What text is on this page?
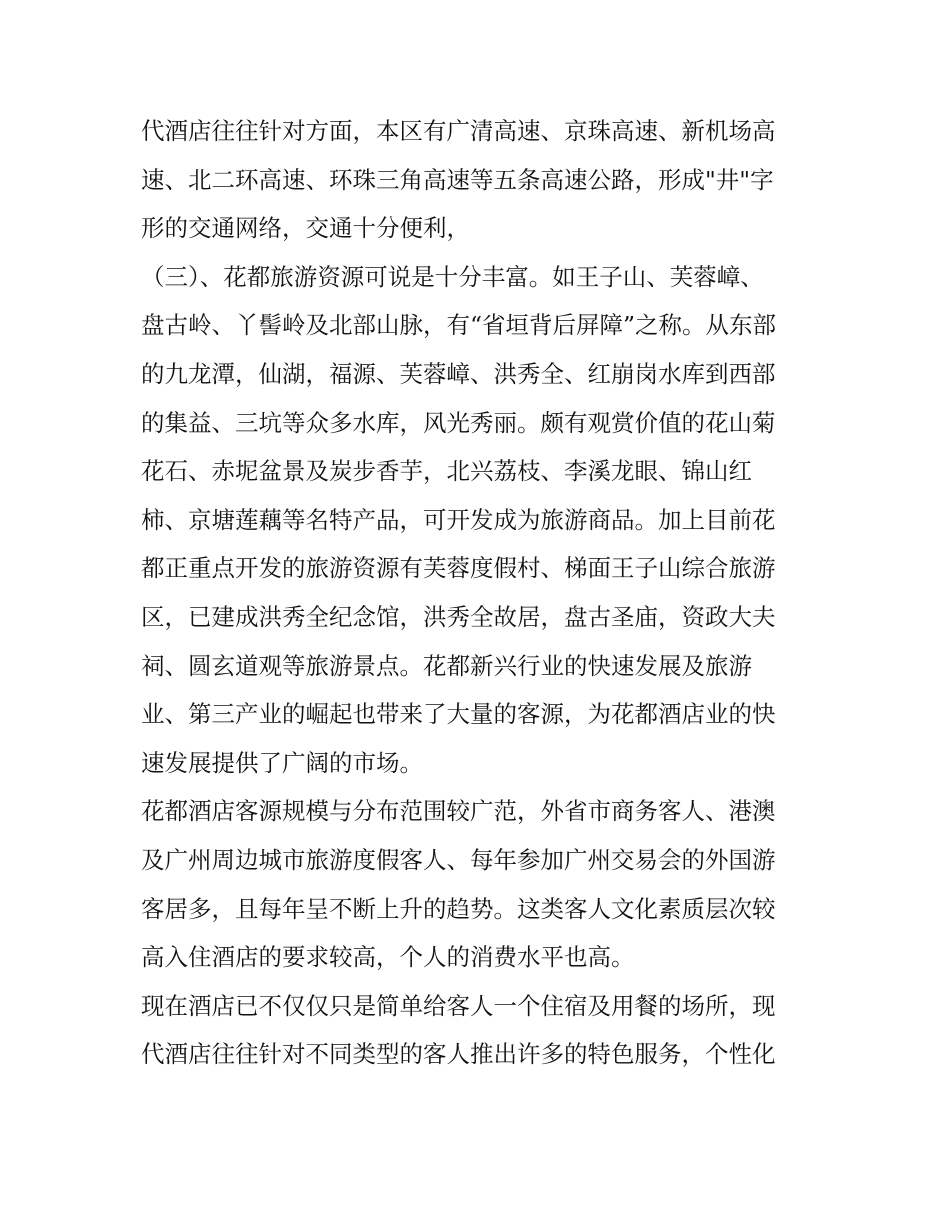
代酒店往往针对方面，本区有广清高速、京珠高速、新机场高
速、北二环高速、环珠三角高速等五条高速公路，形成"井"字
形的交通网络，交通十分便利，
（三）、花都旅游资源可说是十分丰富。如王子山、芙蓉嶂、
盘古岭、丫髻岭及北部山脉，有“省垣背后屏障”之称。从东部
的九龙潭，仙湖，福源、芙蓉嶂、洪秀全、红崩岗水库到西部
的集益、三坑等众多水库，风光秀丽。颇有观赏价值的花山菊
花石、赤坭盆景及炭步香芋，北兴荔枝、李溪龙眼、锦山红
柿、京塘莲藕等名特产品，可开发成为旅游商品。加上目前花
都正重点开发的旅游资源有芙蓉度假村、梯面王子山综合旅游
区，已建成洪秀全纪念馆，洪秀全故居，盘古圣庙，资政大夫
祠、圆玄道观等旅游景点。花都新兴行业的快速发展及旅游
业、第三产业的崛起也带来了大量的客源，为花都酒店业的快
速发展提供了广阔的市场。
花都酒店客源规模与分布范围较广范，外省市商务客人、港澳
及广州周边城市旅游度假客人、每年参加广州交易会的外国游
客居多，且每年呈不断上升的趋势。这类客人文化素质层次较
高入住酒店的要求较高，个人的消费水平也高。
现在酒店已不仅仅只是简单给客人一个住宿及用餐的场所，现
代酒店往往针对不同类型的客人推出许多的特色服务，个性化
